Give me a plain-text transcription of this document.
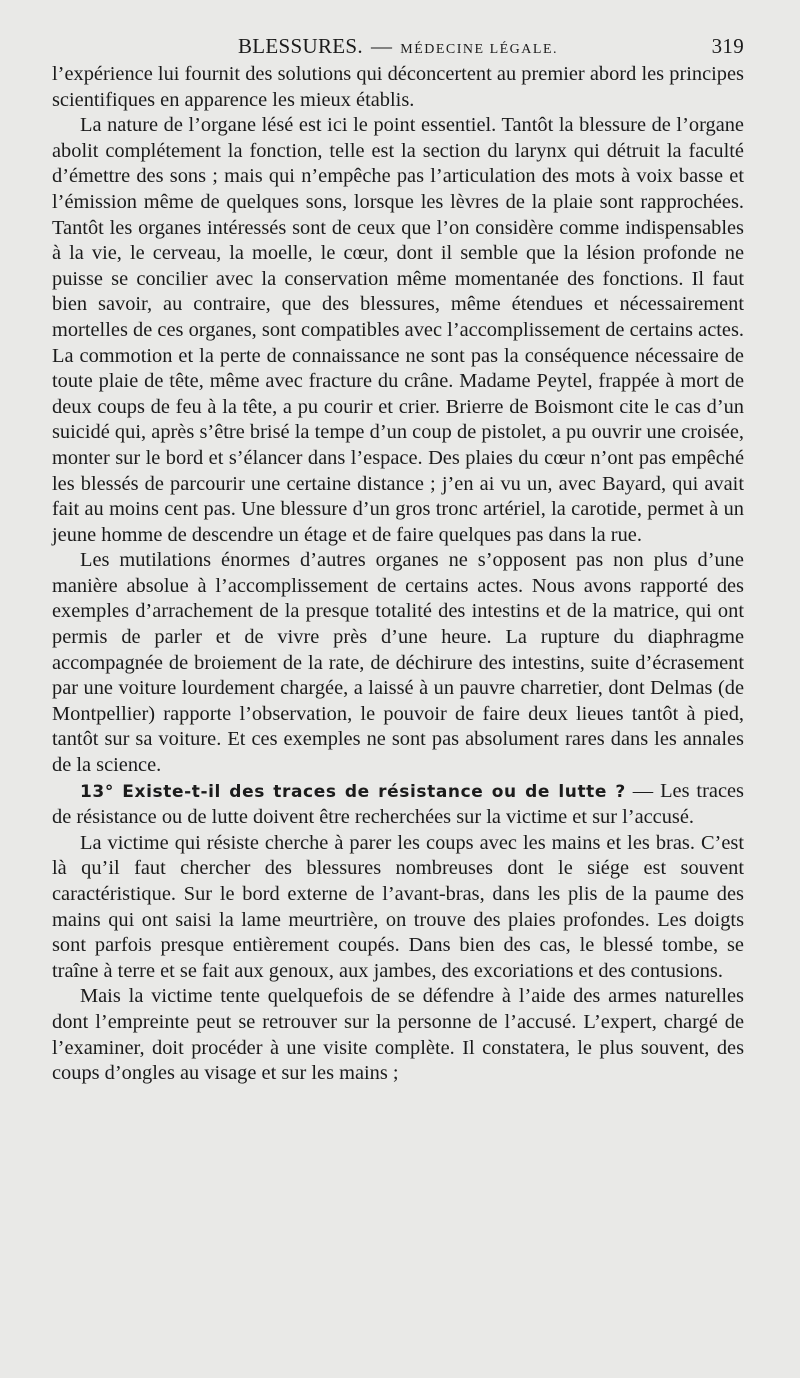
BLESSURES. — MÉDECINE LÉGALE.	319

l’expérience lui fournit des solutions qui déconcertent au premier abord les principes scientifiques en apparence les mieux établis.

La nature de l’organe lésé est ici le point essentiel. Tantôt la blessure de l’organe abolit complétement la fonction, telle est la section du larynx qui détruit la faculté d’émettre des sons ; mais qui n’empêche pas l’articulation des mots à voix basse et l’émission même de quelques sons, lorsque les lèvres de la plaie sont rapprochées. Tantôt les organes intéressés sont de ceux que l’on considère comme indispensables à la vie, le cerveau, la moelle, le cœur, dont il semble que la lésion profonde ne puisse se concilier avec la conservation même momentanée des fonctions. Il faut bien savoir, au contraire, que des blessures, même étendues et nécessairement mortelles de ces organes, sont compatibles avec l’accomplissement de certains actes. La commotion et la perte de connaissance ne sont pas la conséquence nécessaire de toute plaie de tête, même avec fracture du crâne. Madame Peytel, frappée à mort de deux coups de feu à la tête, a pu courir et crier. Brierre de Boismont cite le cas d’un suicidé qui, après s’être brisé la tempe d’un coup de pistolet, a pu ouvrir une croisée, monter sur le bord et s’élancer dans l’espace. Des plaies du cœur n’ont pas empêché les blessés de parcourir une certaine distance ; j’en ai vu un, avec Bayard, qui avait fait au moins cent pas. Une blessure d’un gros tronc artériel, la carotide, permet à un jeune homme de descendre un étage et de faire quelques pas dans la rue.

Les mutilations énormes d’autres organes ne s’opposent pas non plus d’une manière absolue à l’accomplissement de certains actes. Nous avons rapporté des exemples d’arrachement de la presque totalité des intestins et de la matrice, qui ont permis de parler et de vivre près d’une heure. La rupture du diaphragme accompagnée de broiement de la rate, de déchirure des intestins, suite d’écrasement par une voiture lourdement chargée, a laissé à un pauvre charretier, dont Delmas (de Montpellier) rapporte l’observation, le pouvoir de faire deux lieues tantôt à pied, tantôt sur sa voiture. Et ces exemples ne sont pas absolument rares dans les annales de la science.

13° Existe-t-il des traces de résistance ou de lutte ? — Les traces de résistance ou de lutte doivent être recherchées sur la victime et sur l’accusé.

La victime qui résiste cherche à parer les coups avec les mains et les bras. C’est là qu’il faut chercher des blessures nombreuses dont le siége est souvent caractéristique. Sur le bord externe de l’avant-bras, dans les plis de la paume des mains qui ont saisi la lame meurtrière, on trouve des plaies profondes. Les doigts sont parfois presque entièrement coupés. Dans bien des cas, le blessé tombe, se traîne à terre et se fait aux genoux, aux jambes, des excoriations et des contusions.

Mais la victime tente quelquefois de se défendre à l’aide des armes naturelles dont l’empreinte peut se retrouver sur la personne de l’accusé. L’expert, chargé de l’examiner, doit procéder à une visite complète. Il constatera, le plus souvent, des coups d’ongles au visage et sur les mains ;
